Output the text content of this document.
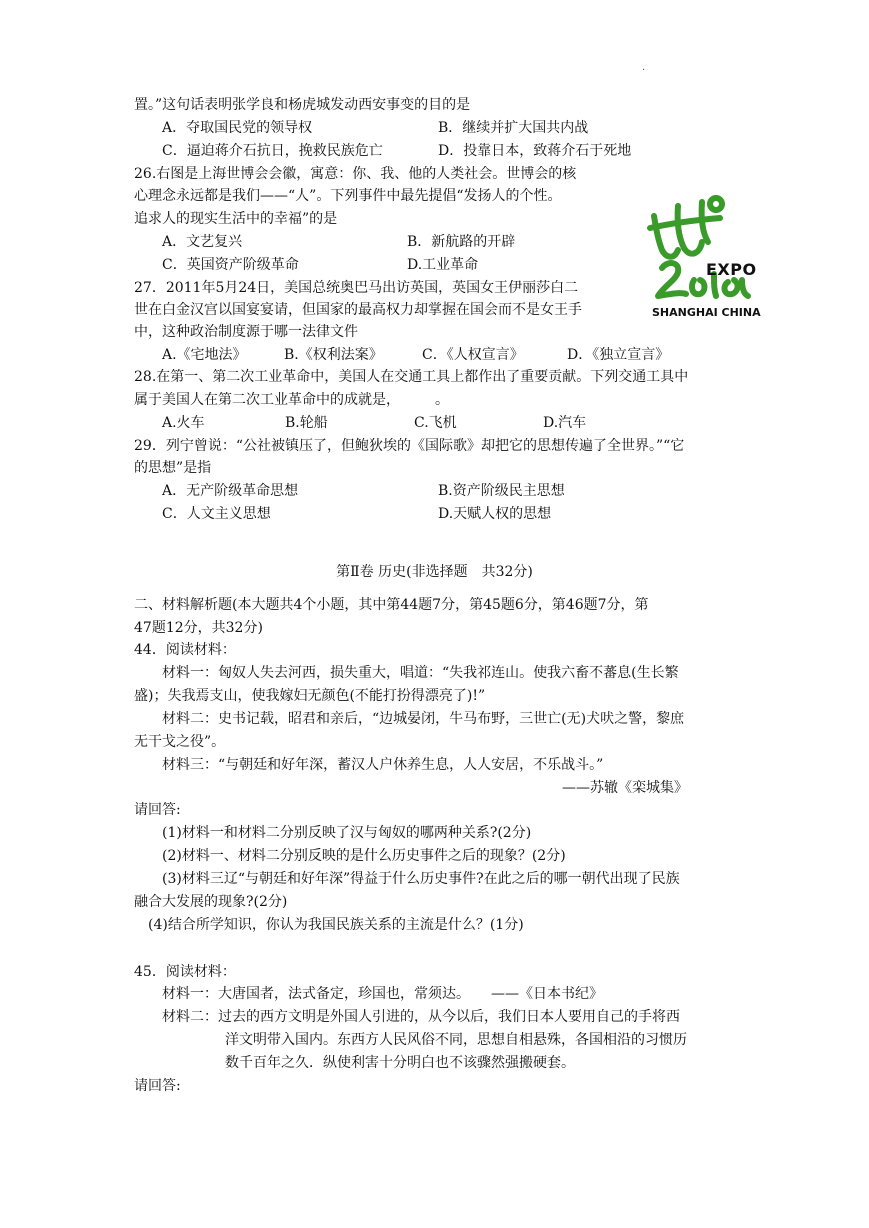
.
置。”这句话表明张学良和杨虎城发动西安事变的目的是
26.右图是上海世博会会徽，寓意：你、我、他的人类社会。世博会的核
心理念永远都是我们——“人”。下列事件中最先提倡“发扬人的个性。
追求人的现实生活中的幸福”的是
27．2011年5月24日，美国总统奥巴马出访英国，英国女王伊丽莎白二
世在白金汉宫以国宴宴请，但国家的最高权力却掌握在国会而不是女王手
中，这种政治制度源于哪一法律文件
28.在第一、第二次工业革命中，美国人在交通工具上都作出了重要贡献。下列交通工具中
属于美国人在第二次工业革命中的成就是，　　　。
29．列宁曾说：“公社被镇压了，但鲍狄埃的《国际歌》却把它的思想传遍了全世界。”“它
的思想”是指
二、材料解析题(本大题共4个小题，其中第44题7分，第45题6分，第46题7分，第
47题12分，共32分)
44．阅读材料：
材料一：匈奴人失去河西，损失重大，唱道：“失我祁连山。使我六畜不蕃息(生长繁
盛)；失我焉支山，使我嫁妇无颜色(不能打扮得漂亮了)!”
材料二：史书记载，昭君和亲后，“边城晏闭，牛马布野，三世亡(无)犬吠之警，黎庶
无干戈之役”。
材料三：“与朝廷和好年深，蓄汉人户休养生息，人人安居，不乐战斗。”
——苏辙《栾城集》
请回答:
(1)材料一和材料二分别反映了汉与匈奴的哪两种关系?(2分)
(2)材料一、材料二分别反映的是什么历史事件之后的现象？(2分)
(3)材料三辽“与朝廷和好年深”得益于什么历史事件?在此之后的哪一朝代出现了民族
融合大发展的现象?(2分)
(4)结合所学知识，你认为我国民族关系的主流是什么？(1分)
45．阅读材料：
材料一：大唐国者，法式备定，珍国也，常须达。　　——《日本书纪》
材料二：过去的西方文明是外国人引进的，从今以后，我们日本人要用自己的手将西
洋文明带入国内。东西方人民风俗不同，思想自相悬殊，各国相沿的习惯历
数千百年之久．纵使利害十分明白也不该骤然强搬硬套。
请回答:
A．夺取国民党的领导权	B．继续并扩大国共内战
C．逼迫蒋介石抗日，挽救民族危亡	D．投靠日本，致蒋介石于死地
A．文艺复兴	B．新航路的开辟
C．英国资产阶级革命	D.工业革命
A.《宅地法》	B.《权利法案》	C．《人权宣言》	D．《独立宣言》
A.火车	B.轮船	C.飞机	D.汽车
A．无产阶级革命思想	B.资产阶级民主思想
C．人文主义思想	D.天赋人权的思想
第Ⅱ卷 历史(非选择题　共32分)
EXPO
SHANGHAI CHINA
